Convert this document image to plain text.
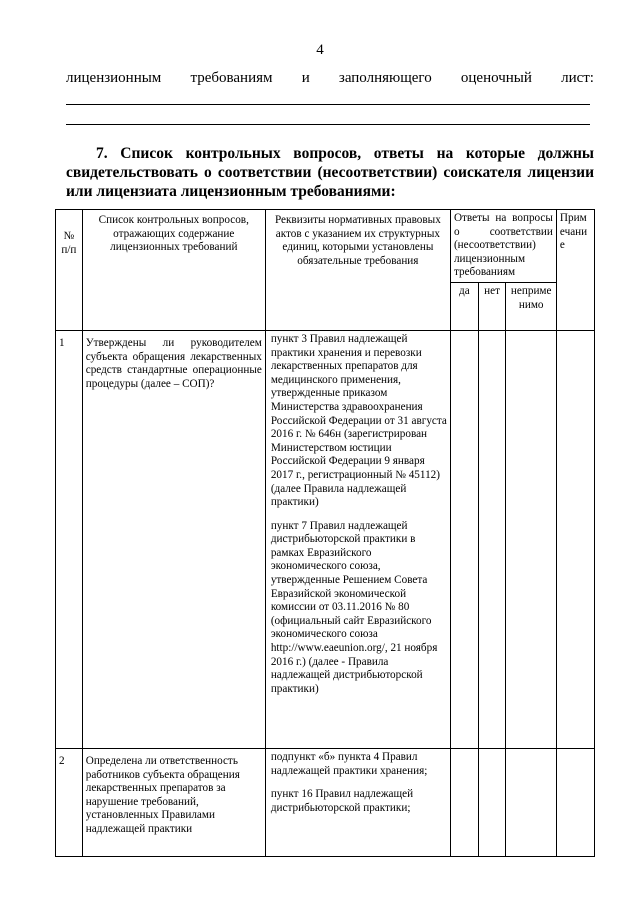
4
лицензионным требованиям и заполняющего оценочный лист:
7. Список контрольных вопросов, ответы на которые должны свидетельствовать о соответствии (несоответствии) соискателя лицензии или лицензиата лицензионным требованиями:
№ п/п	Список контрольных вопросов, отражающих содержание лицензионных требований	Реквизиты нормативных правовых актов с указанием их структурных единиц, которыми установлены обязательные требования	Ответы на вопросы о соответствии (несоответствии) лицензионным требованиям			Примечание
			да	нет	неприменимо	
1	Утверждены ли руководителем субъекта обращения лекарственных средств стандартные операционные процедуры (далее – СОП)?	пункт 3 Правил надлежащей практики хранения и перевозки лекарственных препаратов для медицинского применения, утвержденные приказом Министерства здравоохранения Российской Федерации от 31 августа 2016 г. № 646н (зарегистрирован Министерством юстиции Российской Федерации 9 января 2017 г., регистрационный № 45112) (далее Правила надлежащей практики)

пункт 7 Правил надлежащей дистрибьюторской практики в рамках Евразийского экономического союза, утвержденные Решением Совета Евразийской экономической комиссии от 03.11.2016 № 80 (официальный сайт Евразийского экономического союза http://www.eaeunion.org/, 21 ноября 2016 г.) (далее - Правила надлежащей дистрибьюторской практики)				

2	Определена ли ответственность работников субъекта обращения лекарственных препаратов за нарушение требований, установленных Правилами надлежащей практики	подпункт «б» пункта 4 Правил надлежащей практики хранения;

пункт 16 Правил надлежащей дистрибьюторской практики;				
